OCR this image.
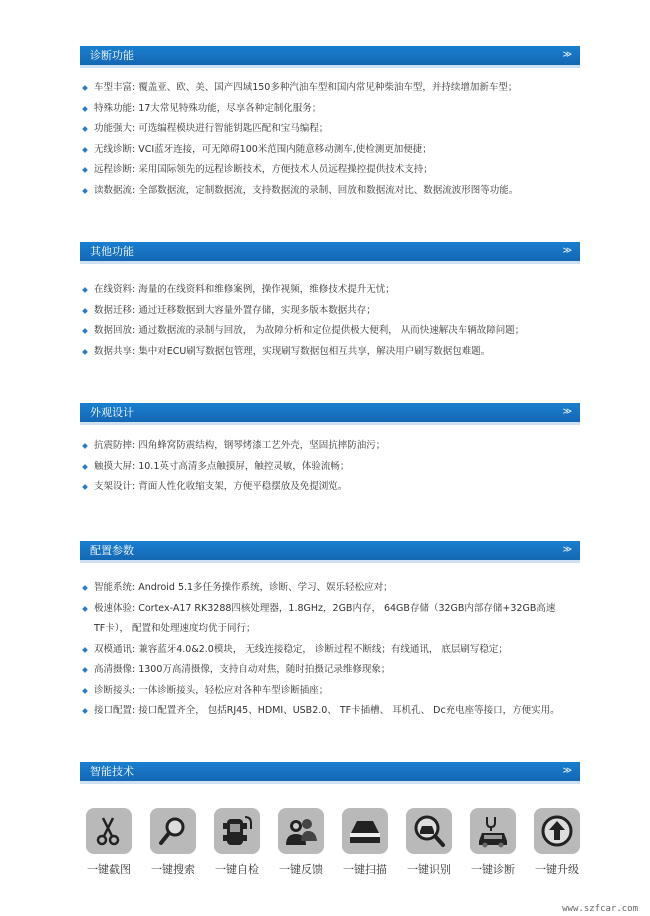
诊断功能	≫
车型丰富: 覆盖亚、欧、美、国产四域150多种汽油车型和国内常见种柴油车型，并持续增加新车型；
特殊功能: 17大常见特殊功能，尽享各种定制化服务；
功能强大: 可选编程模块进行智能钥匙匹配和宝马编程；
无线诊断: VCI蓝牙连接，可无障碍100米范围内随意移动测车,使检测更加便捷；
远程诊断: 采用国际领先的远程诊断技术，方便技术人员远程操控提供技术支持；
读数据流: 全部数据流，定制数据流，支持数据流的录制、回放和数据流对比、数据流波形图等功能。
其他功能	≫
在线资料: 海量的在线资料和维修案例，操作视频，维修技术提升无忧；
数据迁移: 通过迁移数据到大容量外置存储，实现多版本数据共存；
数据回放: 通过数据流的录制与回放， 为故障分析和定位提供极大便利， 从而快速解决车辆故障问题；
数据共享: 集中对ECU刷写数据包管理，实现刷写数据包相互共享，解决用户刷写数据包难题。
外观设计	≫
抗震防摔: 四角蜂窝防震结构，钢琴烤漆工艺外壳，坚固抗摔防油污；
触摸大屏: 10.1英寸高清多点触摸屏，触控灵敏，体验流畅；
支架设计: 背面人性化收缩支架，方便平稳摆放及免提浏览。
配置参数	≫
智能系统: Android 5.1多任务操作系统，诊断、学习、娱乐轻松应对；
极速体验: Cortex-A17 RK3288四核处理器，1.8GHz，2GB内存， 64GB存储（32GB内部存储+32GB高速
TF卡）， 配置和处理速度均优于同行；
双模通讯: 兼容蓝牙4.0&2.0模块， 无线连接稳定， 诊断过程不断线；有线通讯， 底层刷写稳定；
高清摄像: 1300万高清摄像，支持自动对焦，随时拍摄记录维修现象；
诊断接头: 一体诊断接头，轻松应对各种车型诊断插座；
接口配置: 接口配置齐全， 包括RJ45、HDMI、USB2.0、 TF卡插槽、 耳机孔、 Dc充电座等接口，方便实用。
智能技术	≫
一键截图	一键搜索	一键自检	一键反馈	一键扫描	一键识别	一键诊断	一键升级
www.szfcar.com
